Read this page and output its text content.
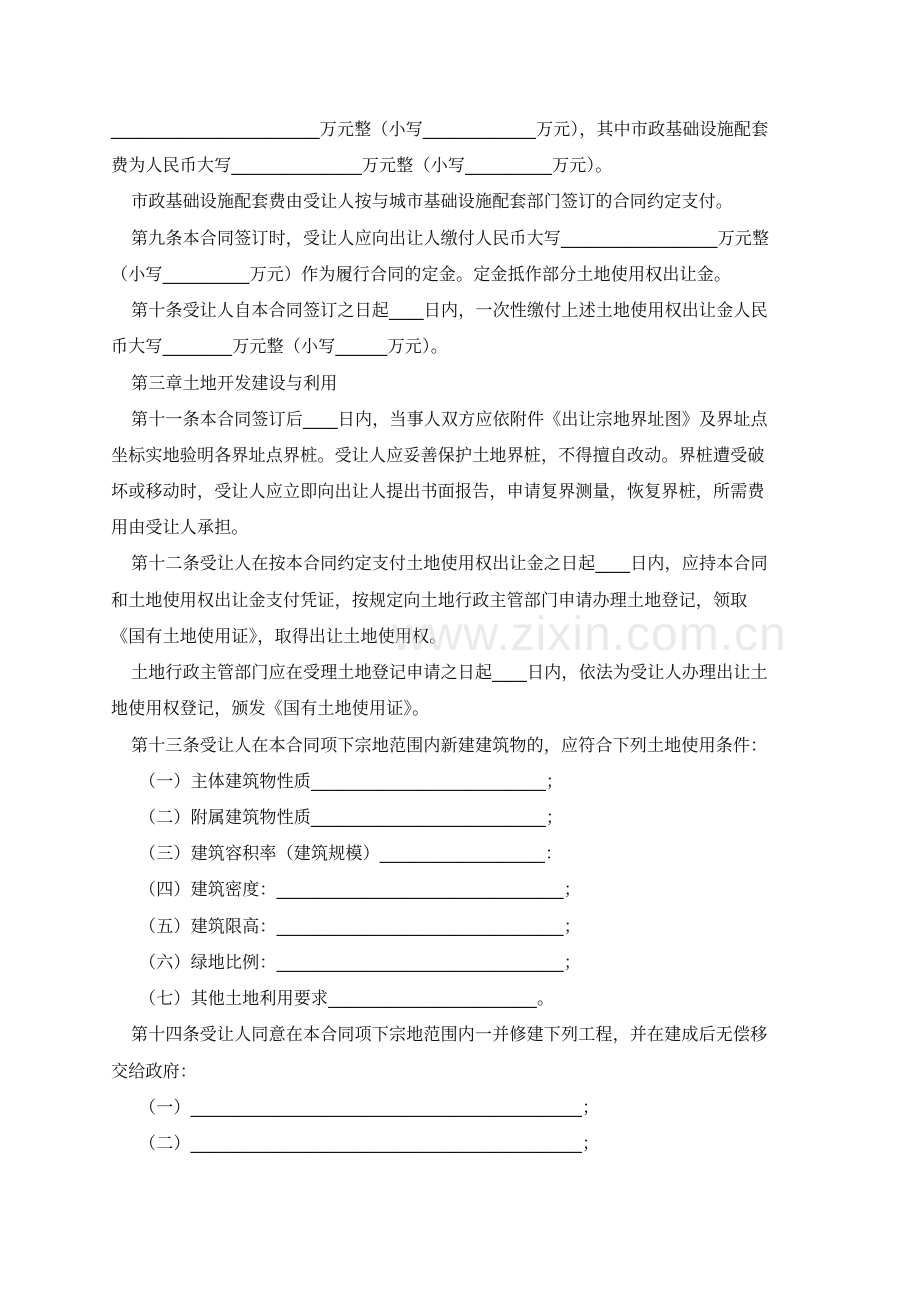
________________________万元整（小写_____________万元），其中市政基础设施配套
费为人民币大写_______________万元整（小写__________万元）。
市政基础设施配套费由受让人按与城市基础设施配套部门签订的合同约定支付。
第九条本合同签订时，受让人应向出让人缴付人民币大写__________________万元整
（小写__________万元）作为履行合同的定金。定金抵作部分土地使用权出让金。
第十条受让人自本合同签订之日起____日内，一次性缴付上述土地使用权出让金人民
币大写________万元整（小写______万元）。
第三章土地开发建设与利用
第十一条本合同签订后____日内，当事人双方应依附件《出让宗地界址图》及界址点
坐标实地验明各界址点界桩。受让人应妥善保护土地界桩，不得擅自改动。界桩遭受破
坏或移动时，受让人应立即向出让人提出书面报告，申请复界测量，恢复界桩，所需费
用由受让人承担。
第十二条受让人在按本合同约定支付土地使用权出让金之日起____日内，应持本合同
和土地使用权出让金支付凭证，按规定向土地行政主管部门申请办理土地登记，领取
《国有土地使用证》，取得出让土地使用权。
土地行政主管部门应在受理土地登记申请之日起____日内，依法为受让人办理出让土
地使用权登记，颁发《国有土地使用证》。
第十三条受让人在本合同项下宗地范围内新建建筑物的，应符合下列土地使用条件：
（一）主体建筑物性质___________________________；
（二）附属建筑物性质___________________________；
（三）建筑容积率（建筑规模）___________________：
（四）建筑密度：_________________________________；
（五）建筑限高：_________________________________；
（六）绿地比例：_________________________________；
（七）其他土地利用要求________________________。
第十四条受让人同意在本合同项下宗地范围内一并修建下列工程，并在建成后无偿移
交给政府：
（一）_____________________________________________；
（二）_____________________________________________；
www.zixin.com.cn
